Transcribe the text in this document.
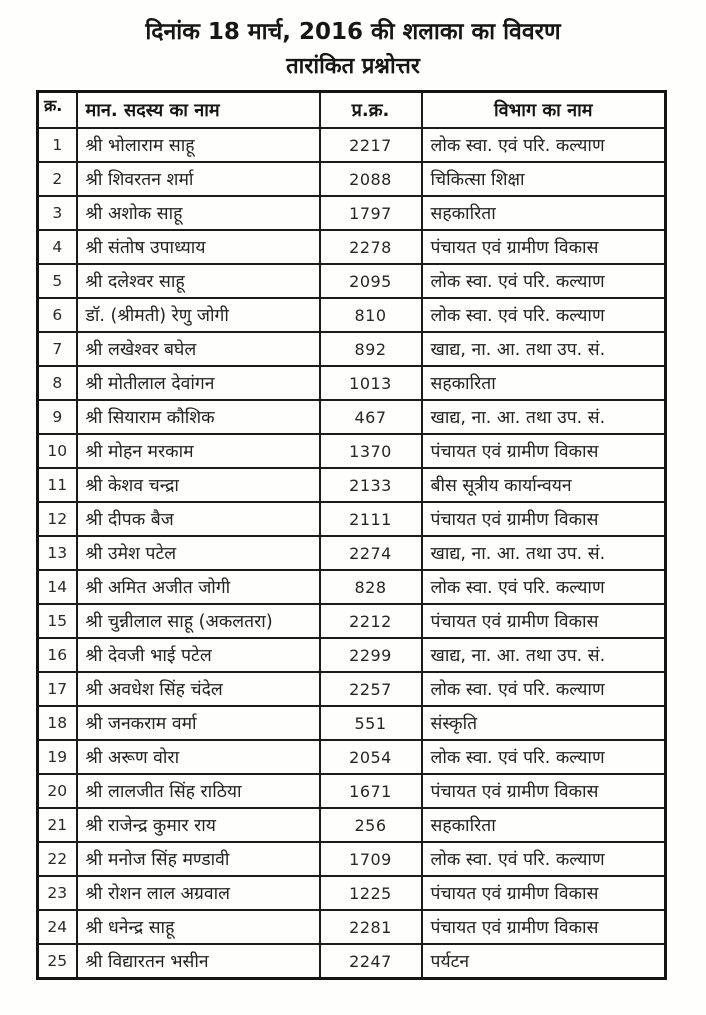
दिनांक 18 मार्च, 2016 की शलाका का विवरण
तारांकित प्रश्नोत्तर
क्र.	मान. सदस्य का नाम	प्र.क्र.	विभाग का नाम
1	श्री भोलाराम साहू	2217	लोक स्वा. एवं परि. कल्याण
2	श्री शिवरतन शर्मा	2088	चिकित्सा शिक्षा
3	श्री अशोक साहू	1797	सहकारिता
4	श्री संतोष उपाध्याय	2278	पंचायत एवं ग्रामीण विकास
5	श्री दलेश्वर साहू	2095	लोक स्वा. एवं परि. कल्याण
6	डॉ. (श्रीमती) रेणु जोगी	810	लोक स्वा. एवं परि. कल्याण
7	श्री लखेश्वर बघेल	892	खाद्य, ना. आ. तथा उप. सं.
8	श्री मोतीलाल देवांगन	1013	सहकारिता
9	श्री सियाराम कौशिक	467	खाद्य, ना. आ. तथा उप. सं.
10	श्री मोहन मरकाम	1370	पंचायत एवं ग्रामीण विकास
11	श्री केशव चन्द्रा	2133	बीस सूत्रीय कार्यान्वयन
12	श्री दीपक बैज	2111	पंचायत एवं ग्रामीण विकास
13	श्री उमेश पटेल	2274	खाद्य, ना. आ. तथा उप. सं.
14	श्री अमित अजीत जोगी	828	लोक स्वा. एवं परि. कल्याण
15	श्री चुन्नीलाल साहू (अकलतरा)	2212	पंचायत एवं ग्रामीण विकास
16	श्री देवजी भाई पटेल	2299	खाद्य, ना. आ. तथा उप. सं.
17	श्री अवधेश सिंह चंदेल	2257	लोक स्वा. एवं परि. कल्याण
18	श्री जनकराम वर्मा	551	संस्कृति
19	श्री अरूण वोरा	2054	लोक स्वा. एवं परि. कल्याण
20	श्री लालजीत सिंह राठिया	1671	पंचायत एवं ग्रामीण विकास
21	श्री राजेन्द्र कुमार राय	256	सहकारिता
22	श्री मनोज सिंह मण्डावी	1709	लोक स्वा. एवं परि. कल्याण
23	श्री रोशन लाल अग्रवाल	1225	पंचायत एवं ग्रामीण विकास
24	श्री धनेन्द्र साहू	2281	पंचायत एवं ग्रामीण विकास
25	श्री विद्यारतन भसीन	2247	पर्यटन
